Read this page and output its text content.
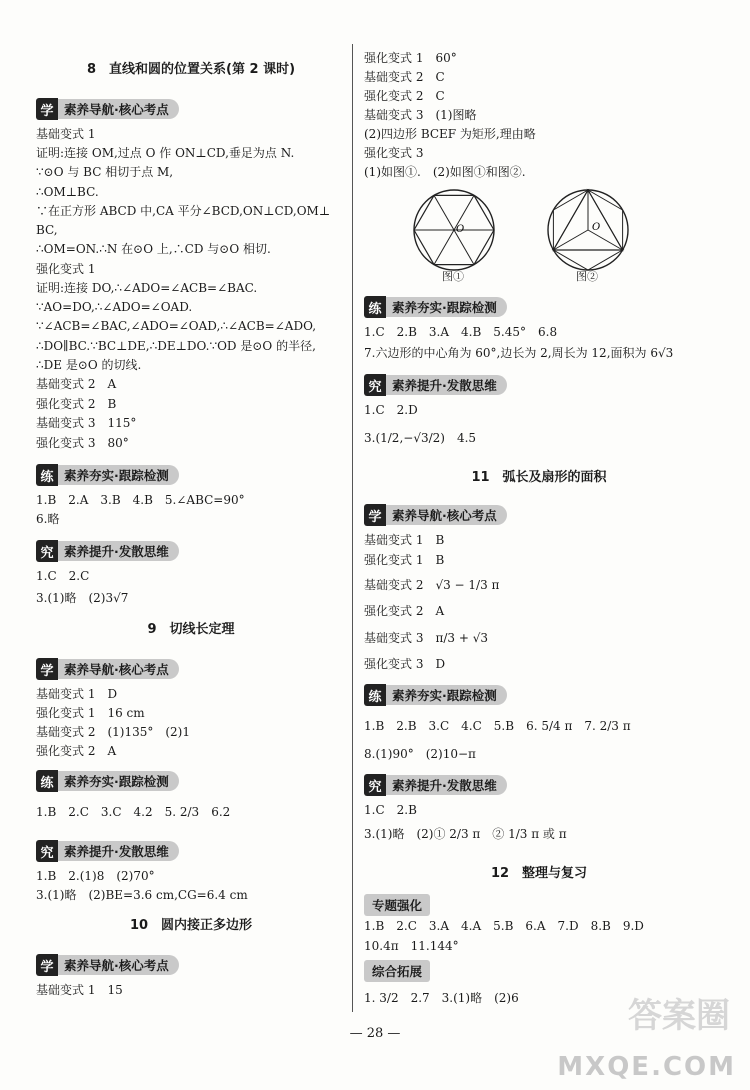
8　直线和圆的位置关系(第 2 课时)
学 素养导航·核心考点
基础变式 1
证明:连接 OM,过点 O 作 ON⊥CD,垂足为点 N.
∵⊙O 与 BC 相切于点 M,
∴OM⊥BC.
∵在正方形 ABCD 中,CA 平分∠BCD,ON⊥CD,OM⊥
BC,
∴OM=ON.∴N 在⊙O 上,∴CD 与⊙O 相切.
强化变式 1
证明:连接 DO,∴∠ADO=∠ACB=∠BAC.
∵AO=DO,∴∠ADO=∠OAD.
∵∠ACB=∠BAC,∠ADO=∠OAD,∴∠ACB=∠ADO,
∴DO∥BC.∵BC⊥DE,∴DE⊥DO.∵OD 是⊙O 的半径,
∴DE 是⊙O 的切线.
基础变式 2　A
强化变式 2　B
基础变式 3　115°
强化变式 3　80°
练 素养夯实·跟踪检测
1.B　2.A　3.B　4.B　5.∠ABC=90°
6.略
究 素养提升·发散思维
1.C　2.C
3.(1)略　(2)3√7
9　切线长定理
学 素养导航·核心考点
基础变式 1　D
强化变式 1　16 cm
基础变式 2　(1)135°　(2)1
强化变式 2　A
练 素养夯实·跟踪检测
1.B　2.C　3.C　4.2　5. 2/3　6.2
究 素养提升·发散思维
1.B　2.(1)8　(2)70°
3.(1)略　(2)BE=3.6 cm,CG=6.4 cm
10　圆内接正多边形
学 素养导航·核心考点
基础变式 1　15
强化变式 1　60°
基础变式 2　C
强化变式 2　C
基础变式 3　(1)图略
(2)四边形 BCEF 为矩形,理由略
强化变式 3
(1)如图①.　(2)如图①和图②.
O
图①
O
图②
练 素养夯实·跟踪检测
1.C　2.B　3.A　4.B　5.45°　6.8
7.六边形的中心角为 60°,边长为 2,周长为 12,面积为 6√3
究 素养提升·发散思维
1.C　2.D
3.(1/2,−√3/2)　4.5
11　弧长及扇形的面积
学 素养导航·核心考点
基础变式 1　B
强化变式 1　B
基础变式 2　√3 − 1/3 π
强化变式 2　A
基础变式 3　π/3 + √3
强化变式 3　D
练 素养夯实·跟踪检测
1.B　2.B　3.C　4.C　5.B　6. 5/4 π　7. 2/3 π
8.(1)90°　(2)10−π
究 素养提升·发散思维
1.C　2.B
3.(1)略　(2)① 2/3 π　② 1/3 π 或 π
12　整理与复习
专题强化
1.B　2.C　3.A　4.A　5.B　6.A　7.D　8.B　9.D
10.4π　11.144°
综合拓展
1. 3/2　2.7　3.(1)略　(2)6
— 28 —	答案圈
MXQE.COM
